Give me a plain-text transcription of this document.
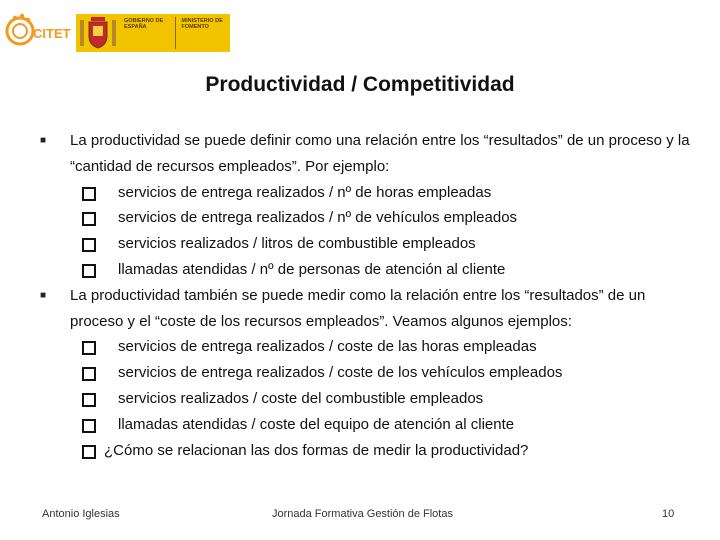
CITET
GOBIERNO DE ESPAÑA
MINISTERIO DE FOMENTO
Productividad / Competitividad
■	La productividad se puede definir como una relación entre los “resultados” de un proceso y la “cantidad de recursos empleados”. Por ejemplo:
servicios de entrega realizados / nº de horas empleadas
servicios de entrega realizados / nº de vehículos empleados
servicios realizados / litros de combustible empleados
llamadas atendidas / nº de personas de atención al cliente
■	La productividad también se puede medir como la relación entre los “resultados” de un proceso y el “coste de los recursos empleados”. Veamos algunos ejemplos:
servicios de entrega realizados / coste de las horas empleadas
servicios de entrega realizados / coste de los vehículos empleados
servicios realizados / coste del combustible empleados
llamadas atendidas / coste del equipo de atención al cliente
¿Cómo se relacionan las dos formas de medir la productividad?
Antonio Iglesias	Jornada Formativa Gestión de Flotas	10
